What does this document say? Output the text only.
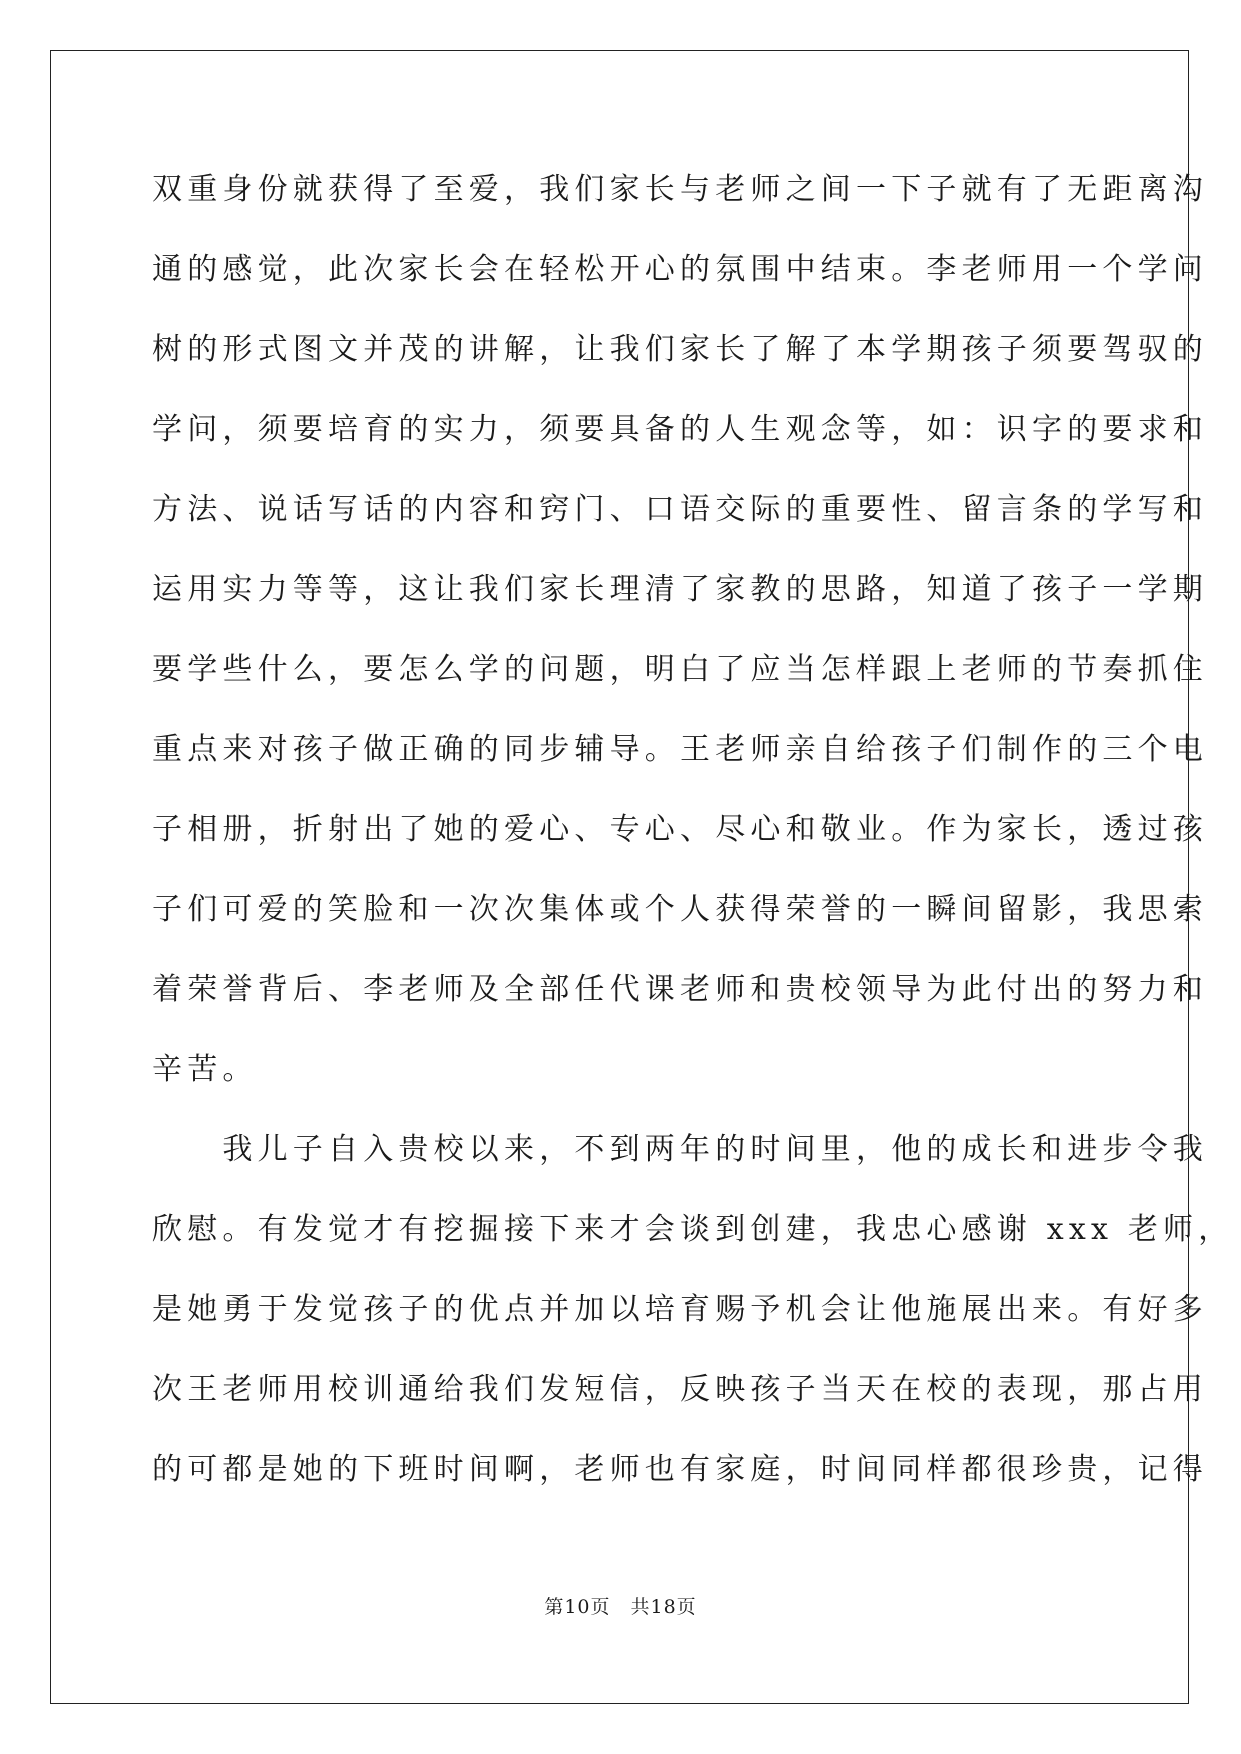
双重身份就获得了至爱，我们家长与老师之间一下子就有了无距离沟
通的感觉，此次家长会在轻松开心的氛围中结束。李老师用一个学问
树的形式图文并茂的讲解，让我们家长了解了本学期孩子须要驾驭的
学问，须要培育的实力，须要具备的人生观念等，如：识字的要求和
方法、说话写话的内容和窍门、口语交际的重要性、留言条的学写和
运用实力等等，这让我们家长理清了家教的思路，知道了孩子一学期
要学些什么，要怎么学的问题，明白了应当怎样跟上老师的节奏抓住
重点来对孩子做正确的同步辅导。王老师亲自给孩子们制作的三个电
子相册，折射出了她的爱心、专心、尽心和敬业。作为家长，透过孩
子们可爱的笑脸和一次次集体或个人获得荣誉的一瞬间留影，我思索
着荣誉背后、李老师及全部任代课老师和贵校领导为此付出的努力和
辛苦。
　　我儿子自入贵校以来，不到两年的时间里，他的成长和进步令我
欣慰。有发觉才有挖掘接下来才会谈到创建，我忠心感谢 xxx 老师，
是她勇于发觉孩子的优点并加以培育赐予机会让他施展出来。有好多
次王老师用校训通给我们发短信，反映孩子当天在校的表现，那占用
的可都是她的下班时间啊，老师也有家庭，时间同样都很珍贵，记得
第10页　共18页
